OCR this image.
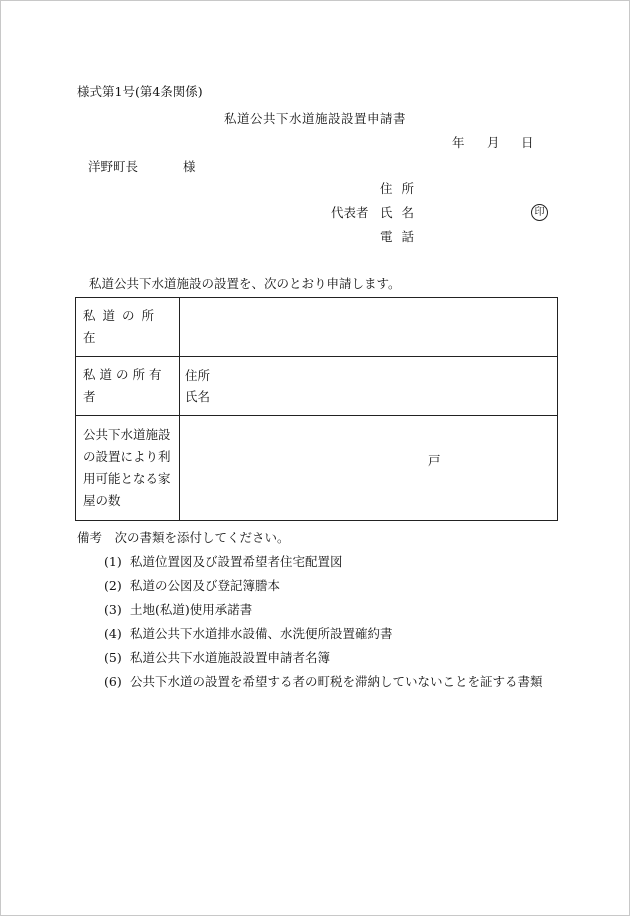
様式第1号(第4条関係)
私道公共下水道施設設置申請書
年 月 日
洋野町長	様
住所
代表者 氏名	印
電話
私道公共下水道施設の設置を、次のとおり申請します。
私道の所在	
私道の所有者	住所
氏名

公共下水道施設の設置により利用可能となる家屋の数	戸
備考　次の書類を添付してください。
(1) 私道位置図及び設置希望者住宅配置図
(2) 私道の公図及び登記簿謄本
(3) 土地(私道)使用承諾書
(4) 私道公共下水道排水設備、水洗便所設置確約書
(5) 私道公共下水道施設設置申請者名簿
(6) 公共下水道の設置を希望する者の町税を滞納していないことを証する書類
